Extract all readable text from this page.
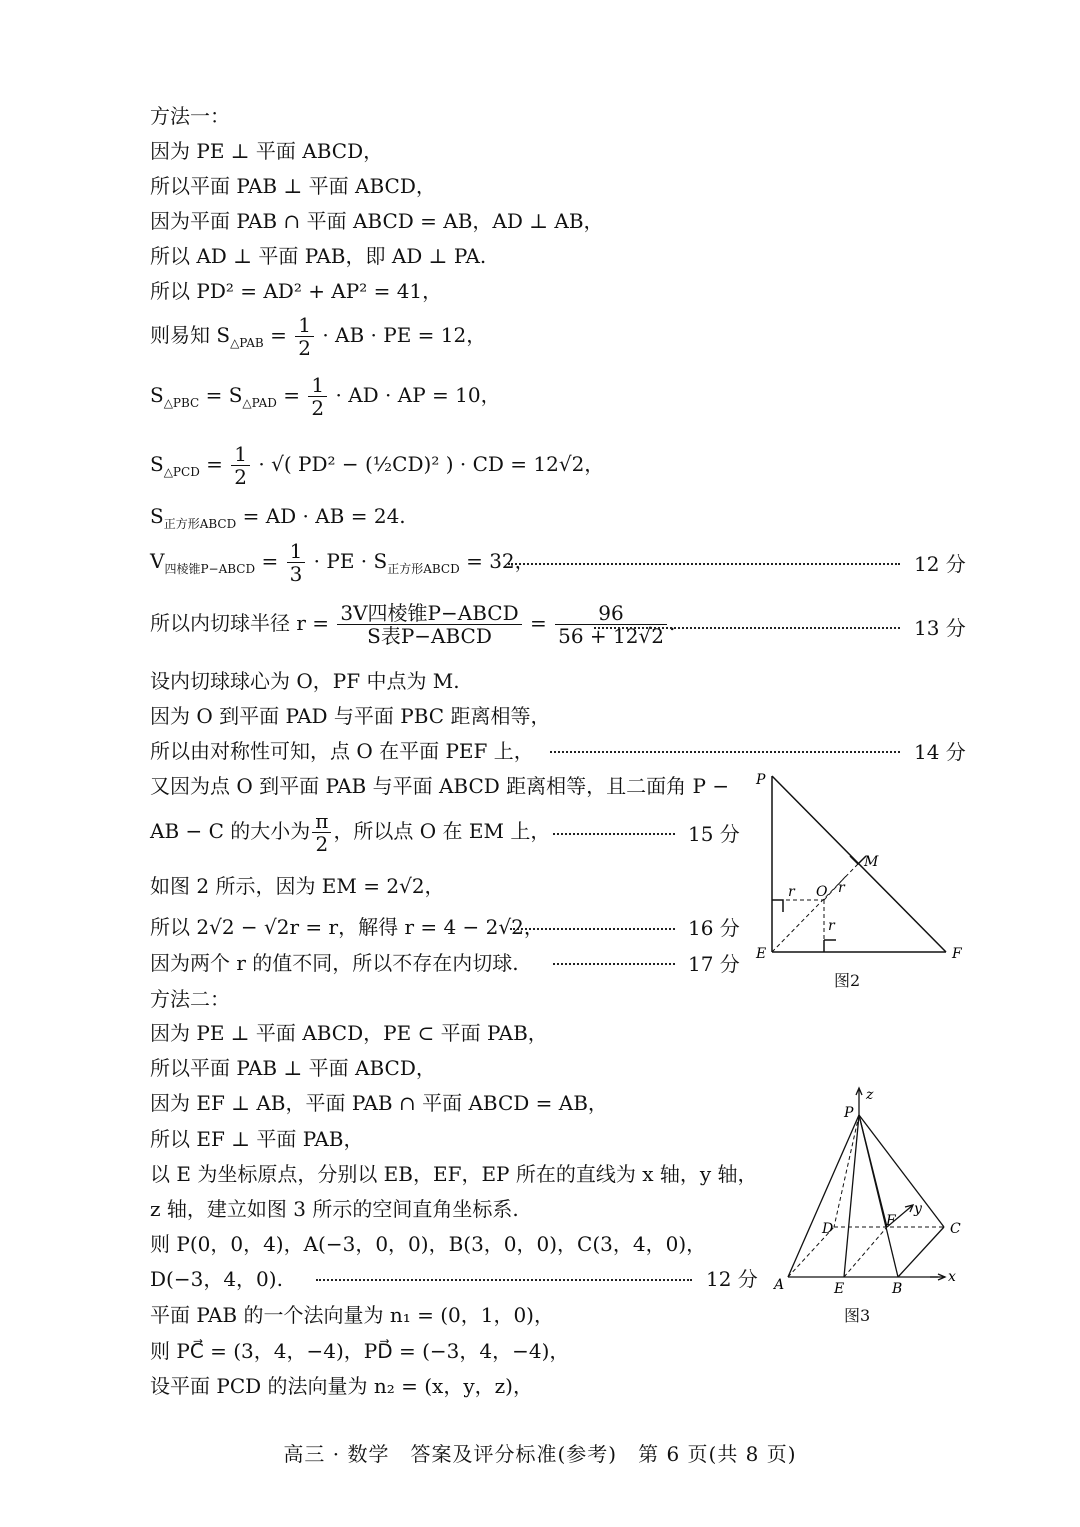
方法一：
因为 PE ⊥ 平面 ABCD，
所以平面 PAB ⊥ 平面 ABCD，
因为平面 PAB ∩ 平面 ABCD = AB，AD ⊥ AB，
所以 AD ⊥ 平面 PAB，即 AD ⊥ PA.
所以 PD² = AD² + AP² = 41，
则易知 $S_{\triangle PAB} = \frac{1}{2}$ · AB · PE = 12，
$S_{\triangle PBC} = S_{\triangle PAD} = \frac{1}{2}$ · AD · AP = 10，
$S_{\triangle PCD} = \frac{1}{2}$ · √( PD² − (½CD)² ) · CD = 12√2，
$S_{正方形ABCD}$ = AD · AB = 24.
$V_{四棱锥P-ABCD} = \frac{1}{3}$ · PE · $S_{正方形ABCD} = 32$，	12 分
所以内切球半径 $r = \frac{\text{3V四棱锥P−ABCD}}{\text{S表P−ABCD}} = \frac{96}{56 + 12√2}$ .	13 分
设内切球球心为 O，PF 中点为 M.
因为 O 到平面 PAD 与平面 PBC 距离相等，
所以由对称性可知，点 O 在平面 PEF 上，	14 分
又因为点 O 到平面 PAB 与平面 ABCD 距离相等，且二面角 P −
AB − C 的大小为 $\frac{\pi}{2}$ ，所以点 O 在 EM 上，	15 分
如图 2 所示，因为 EM = 2√2，
所以 2√2 − √2r = r，解得 r = 4 − 2√2，	16 分
因为两个 r 的值不同，所以不存在内切球.	17 分
方法二：
因为 PE ⊥ 平面 ABCD，PE ⊂ 平面 PAB，
所以平面 PAB ⊥ 平面 ABCD，
因为 EF ⊥ AB，平面 PAB ∩ 平面 ABCD = AB，
所以 EF ⊥ 平面 PAB，
以 E 为坐标原点，分别以 EB，EF，EP 所在的直线为 x 轴，y 轴，
z 轴，建立如图 3 所示的空间直角坐标系.
则 P(0，0，4)，A(−3，0，0)，B(3，0，0)，C(3，4，0)，
D(−3，4，0).	12 分
平面 PAB 的一个法向量为 n₁ = (0，1，0)，
则 PC⃗ = (3，4，−4)，PD⃗ = (−3，4，−4)，
设平面 PCD 的法向量为 n₂ = (x，y，z)，
P
M
O
r	r
r
E	F
图2
P
z
D	F
y
C
A	E	B
x
图3
高三 · 数学　答案及评分标准(参考)　第 6 页(共 8 页)
